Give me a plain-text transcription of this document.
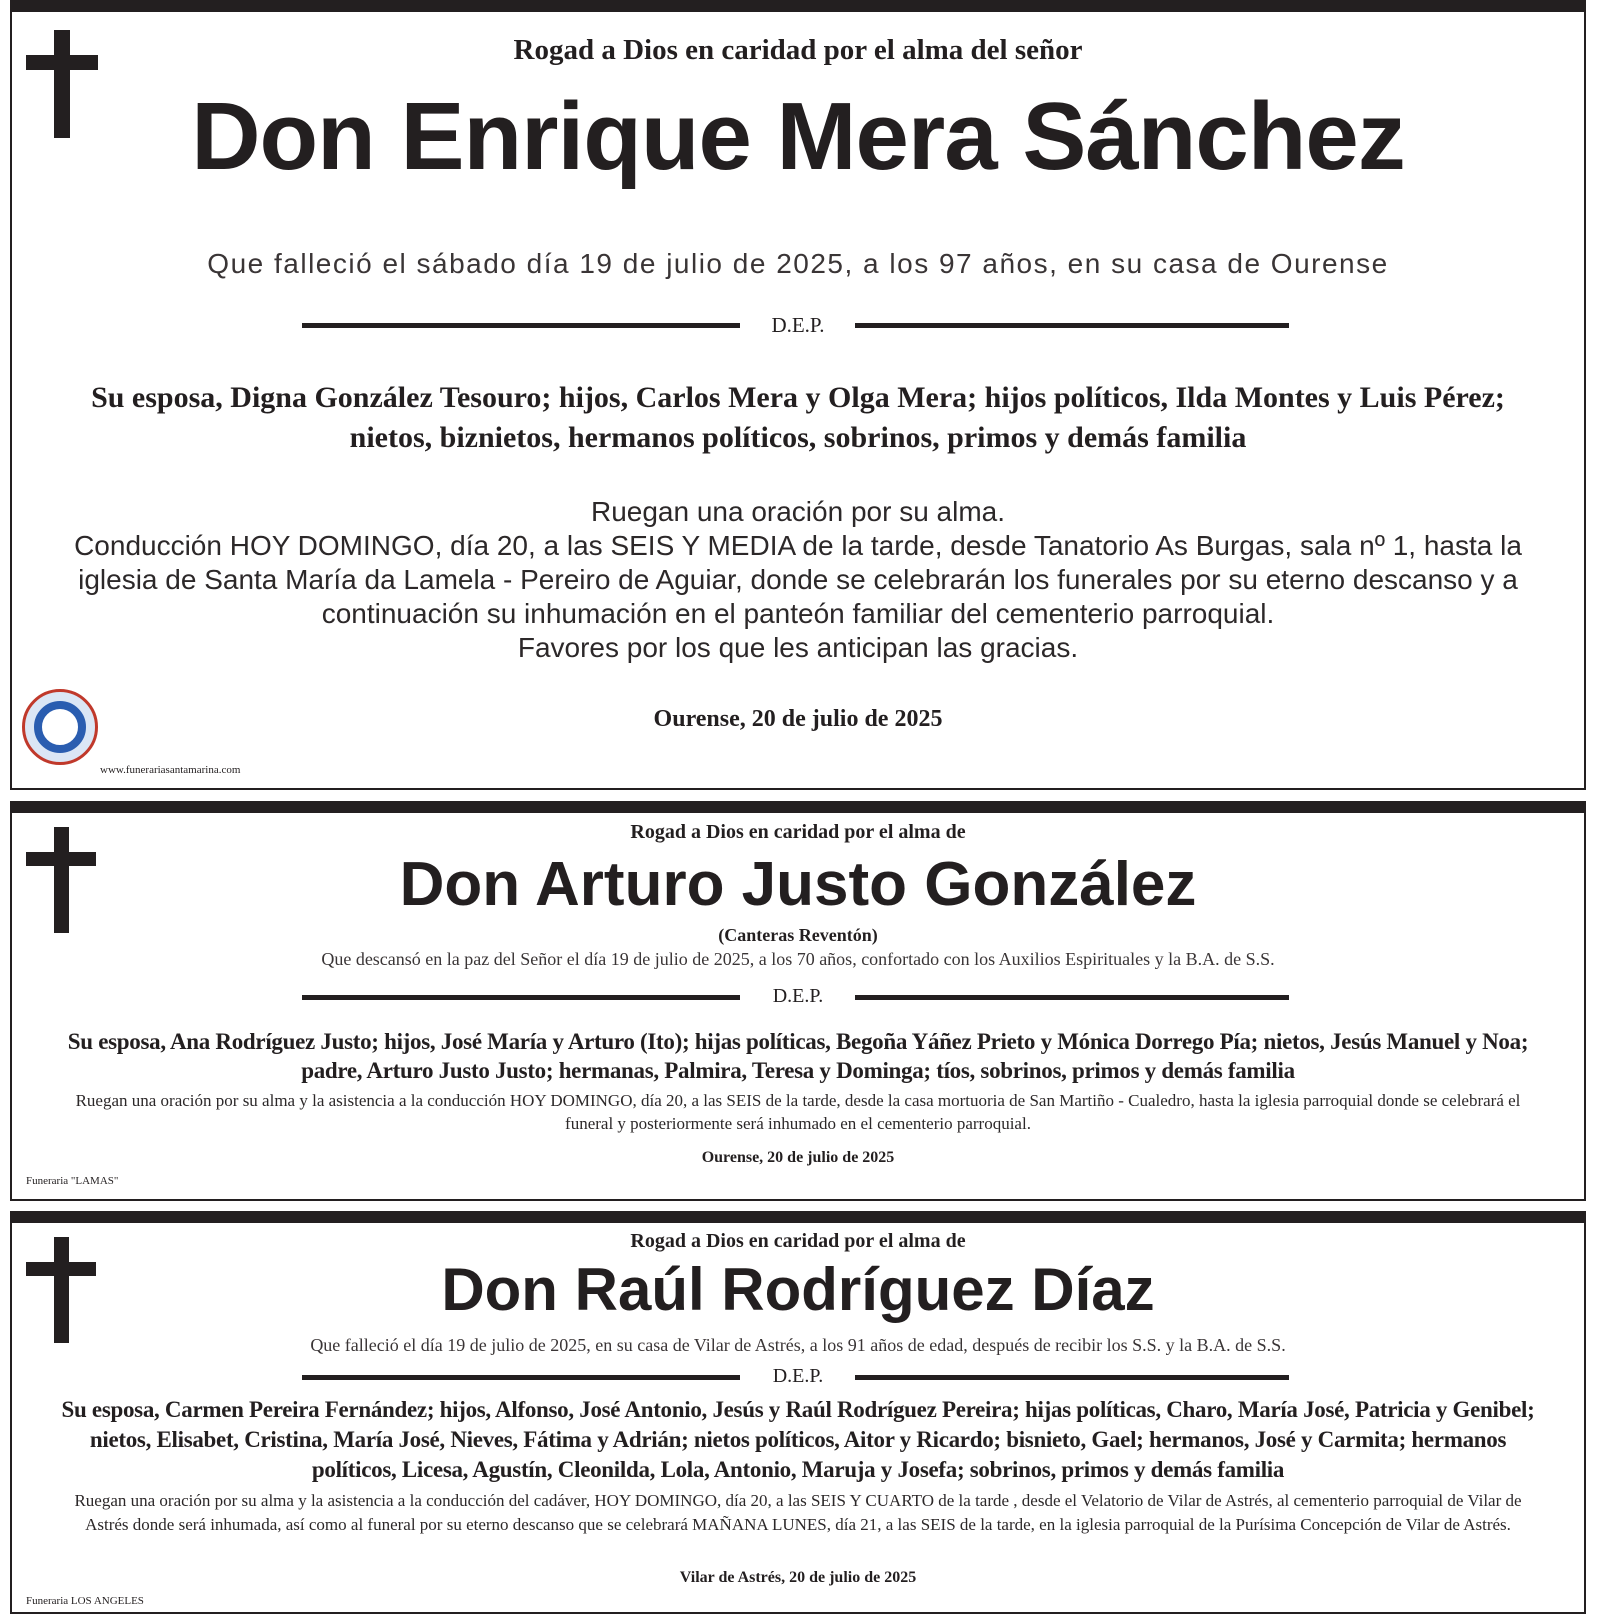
Rogad a Dios en caridad por el alma del señor
Don Enrique Mera Sánchez
Que falleció el sábado día 19 de julio de 2025, a los 97 años, en su casa de Ourense
D.E.P.
Su esposa, Digna González Tesouro; hijos, Carlos Mera y Olga Mera; hijos políticos, Ilda Montes y Luis Pérez; nietos, biznietos, hermanos políticos, sobrinos, primos y demás familia
Ruegan una oración por su alma.
Conducción HOY DOMINGO, día 20, a las SEIS Y MEDIA de la tarde, desde Tanatorio As Burgas, sala nº 1, hasta la iglesia de Santa María da Lamela - Pereiro de Aguiar, donde se celebrarán los funerales por su eterno descanso y a continuación su inhumación en el panteón familiar del cementerio parroquial.
Favores por los que les anticipan las gracias.
Ourense, 20 de julio de 2025
www.funerariasantamarina.com
Rogad a Dios en caridad por el alma de
Don Arturo Justo González
(Canteras Reventón)
Que descansó en la paz del Señor el día 19 de julio de 2025, a los 70 años, confortado con los Auxilios Espirituales y la B.A. de S.S.
D.E.P.
Su esposa, Ana Rodríguez Justo; hijos, José María y Arturo (Ito); hijas políticas, Begoña Yáñez Prieto y Mónica Dorrego Pía; nietos, Jesús Manuel y Noa; padre, Arturo Justo Justo; hermanas, Palmira, Teresa y Dominga; tíos, sobrinos, primos y demás familia
Ruegan una oración por su alma y la asistencia a la conducción HOY DOMINGO, día 20, a las SEIS de la tarde, desde la casa mortuoria de San Martiño - Cualedro, hasta la iglesia parroquial donde se celebrará el funeral y posteriormente será inhumado en el cementerio parroquial.
Ourense, 20 de julio de 2025
Funeraria "LAMAS"
Rogad a Dios en caridad por el alma de
Don Raúl Rodríguez Díaz
Que falleció el día 19 de julio de 2025, en su casa de Vilar de Astrés, a los 91 años de edad, después de recibir los S.S. y la B.A. de S.S.
D.E.P.
Su esposa, Carmen Pereira Fernández; hijos, Alfonso, José Antonio, Jesús y Raúl Rodríguez Pereira; hijas políticas, Charo, María José, Patricia y Genibel; nietos, Elisabet, Cristina, María José, Nieves, Fátima y Adrián; nietos políticos, Aitor y Ricardo; bisnieto, Gael; hermanos, José y Carmita; hermanos políticos, Licesa, Agustín, Cleonilda, Lola, Antonio, Maruja y Josefa; sobrinos, primos y demás familia
Ruegan una oración por su alma y la asistencia a la conducción del cadáver, HOY DOMINGO, día 20, a las SEIS Y CUARTO de la tarde , desde el Velatorio de Vilar de Astrés, al cementerio parroquial de Vilar de Astrés donde será inhumada, así como al funeral por su eterno descanso que se celebrará MAÑANA LUNES, día 21, a las SEIS de la tarde, en la iglesia parroquial de la Purísima Concepción de Vilar de Astrés.
Vilar de Astrés, 20 de julio de 2025
Funeraria LOS ANGELES
